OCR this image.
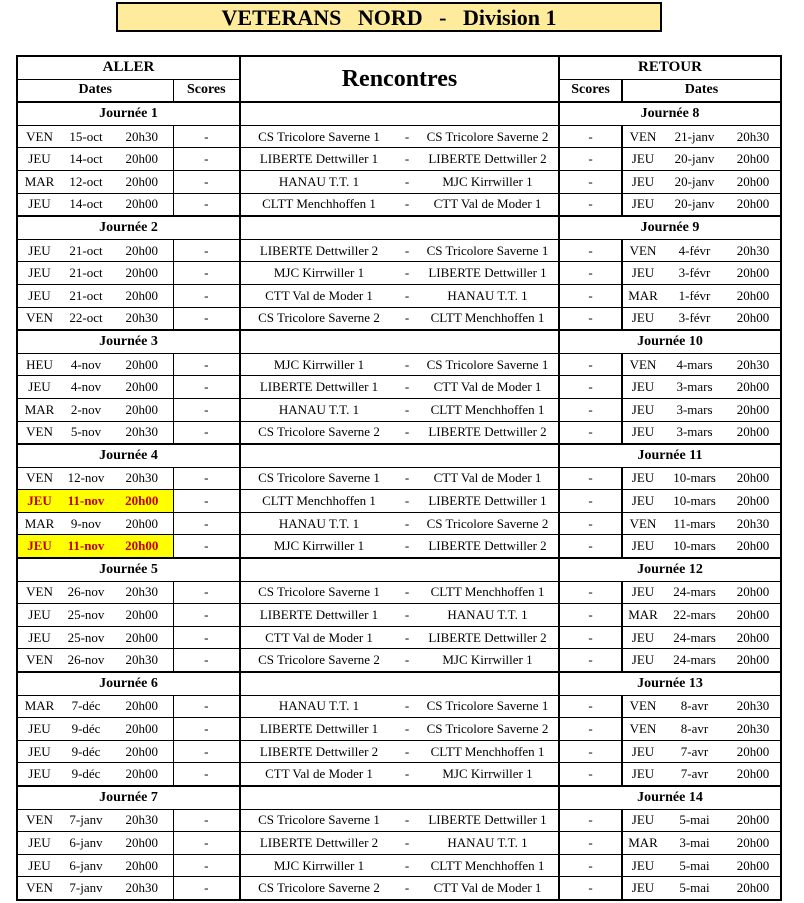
VETERANS   NORD   -   Division 1
ALLER				Rencontres			RETOUR			
Dates			Scores				Scores	Dates		
Journée 1							Journée 8			
VEN	15-oct	20h30	-	CS Tricolore Saverne 1	-	CS Tricolore Saverne 2	-	VEN	21-janv	20h30
JEU	14-oct	20h00	-	LIBERTE Dettwiller 1	-	LIBERTE Dettwiller 2	-	JEU	20-janv	20h00
MAR	12-oct	20h00	-	HANAU T.T. 1	-	MJC Kirrwiller 1	-	JEU	20-janv	20h00
JEU	14-oct	20h00	-	CLTT Menchhoffen 1	-	CTT Val de Moder 1	-	JEU	20-janv	20h00
Journée 2							Journée 9			
JEU	21-oct	20h00	-	LIBERTE Dettwiller 2	-	CS Tricolore Saverne 1	-	VEN	4-févr	20h30
JEU	21-oct	20h00	-	MJC Kirrwiller 1	-	LIBERTE Dettwiller 1	-	JEU	3-févr	20h00
JEU	21-oct	20h00	-	CTT Val de Moder 1	-	HANAU T.T. 1	-	MAR	1-févr	20h00
VEN	22-oct	20h30	-	CS Tricolore Saverne 2	-	CLTT Menchhoffen 1	-	JEU	3-févr	20h00
Journée 3							Journée 10			
HEU	4-nov	20h00	-	MJC Kirrwiller 1	-	CS Tricolore Saverne 1	-	VEN	4-mars	20h30
JEU	4-nov	20h00	-	LIBERTE Dettwiller 1	-	CTT Val de Moder 1	-	JEU	3-mars	20h00
MAR	2-nov	20h00	-	HANAU T.T. 1	-	CLTT Menchhoffen 1	-	JEU	3-mars	20h00
VEN	5-nov	20h30	-	CS Tricolore Saverne 2	-	LIBERTE Dettwiller 2	-	JEU	3-mars	20h00
Journée 4							Journée 11			
VEN	12-nov	20h30	-	CS Tricolore Saverne 1	-	CTT Val de Moder 1	-	JEU	10-mars	20h00
JEU	11-nov	20h00	-	CLTT Menchhoffen 1	-	LIBERTE Dettwiller 1	-	JEU	10-mars	20h00
MAR	9-nov	20h00	-	HANAU T.T. 1	-	CS Tricolore Saverne 2	-	VEN	11-mars	20h30
JEU	11-nov	20h00	-	MJC Kirrwiller 1	-	LIBERTE Dettwiller 2	-	JEU	10-mars	20h00
Journée 5							Journée 12			
VEN	26-nov	20h30	-	CS Tricolore Saverne 1	-	CLTT Menchhoffen 1	-	JEU	24-mars	20h00
JEU	25-nov	20h00	-	LIBERTE Dettwiller 1	-	HANAU T.T. 1	-	MAR	22-mars	20h00
JEU	25-nov	20h00	-	CTT Val de Moder 1	-	LIBERTE Dettwiller 2	-	JEU	24-mars	20h00
VEN	26-nov	20h30	-	CS Tricolore Saverne 2	-	MJC Kirrwiller 1	-	JEU	24-mars	20h00
Journée 6							Journée 13			
MAR	7-déc	20h00	-	HANAU T.T. 1	-	CS Tricolore Saverne 1	-	VEN	8-avr	20h30
JEU	9-déc	20h00	-	LIBERTE Dettwiller 1	-	CS Tricolore Saverne 2	-	VEN	8-avr	20h30
JEU	9-déc	20h00	-	LIBERTE Dettwiller 2	-	CLTT Menchhoffen 1	-	JEU	7-avr	20h00
JEU	9-déc	20h00	-	CTT Val de Moder 1	-	MJC Kirrwiller 1	-	JEU	7-avr	20h00
Journée 7							Journée 14			
VEN	7-janv	20h30	-	CS Tricolore Saverne 1	-	LIBERTE Dettwiller 1	-	JEU	5-mai	20h00
JEU	6-janv	20h00	-	LIBERTE Dettwiller 2	-	HANAU T.T. 1	-	MAR	3-mai	20h00
JEU	6-janv	20h00	-	MJC Kirrwiller 1	-	CLTT Menchhoffen 1	-	JEU	5-mai	20h00
VEN	7-janv	20h30	-	CS Tricolore Saverne 2	-	CTT Val de Moder 1	-	JEU	5-mai	20h00
